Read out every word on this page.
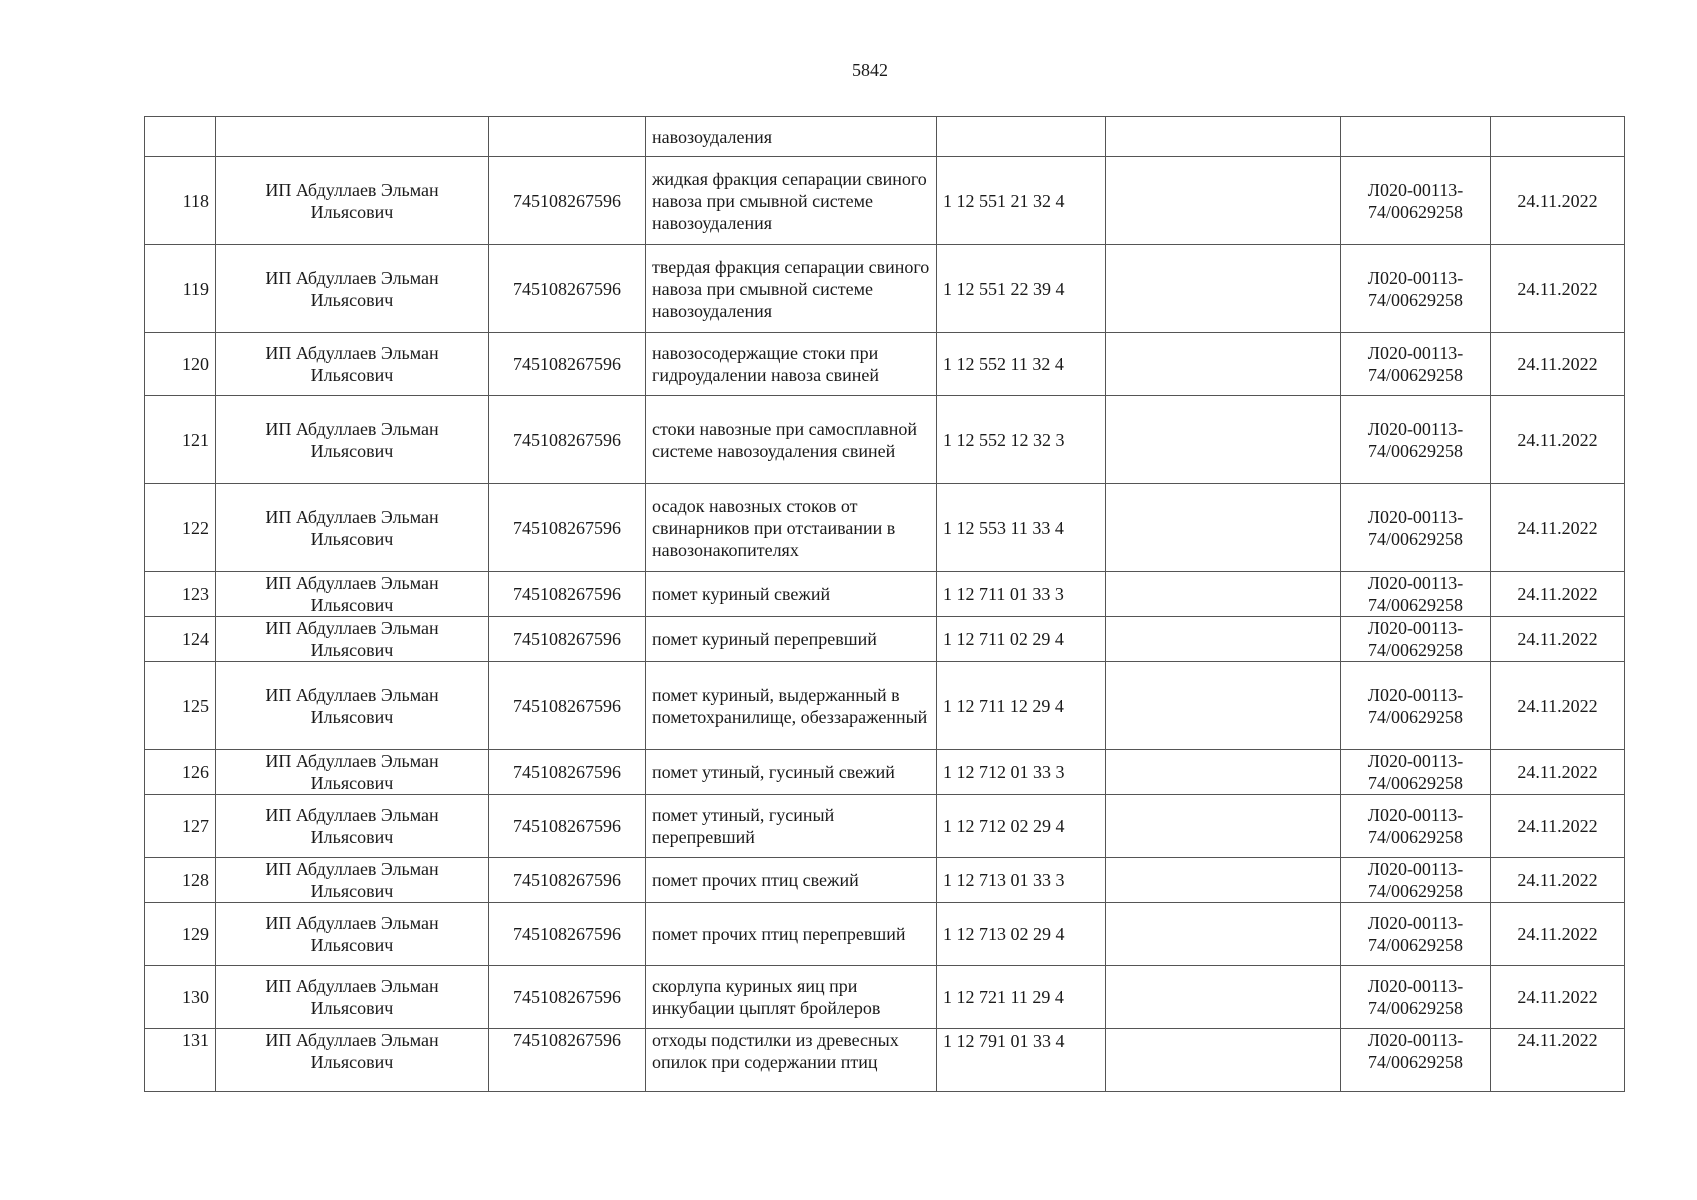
5842
			навозоудаления				
118	ИП Абдуллаев Эльман Ильясович	745108267596	жидкая фракция сепарации свиного навоза при смывной системе навозоудаления	1 12 551 21 32 4		Л020-00113-74/00629258	24.11.2022
119	ИП Абдуллаев Эльман Ильясович	745108267596	твердая фракция сепарации свиного навоза при смывной системе навозоудаления	1 12 551 22 39 4		Л020-00113-74/00629258	24.11.2022
120	ИП Абдуллаев Эльман Ильясович	745108267596	навозосодержащие стоки при гидроудалении навоза свиней	1 12 552 11 32 4		Л020-00113-74/00629258	24.11.2022
121	ИП Абдуллаев Эльман Ильясович	745108267596	стоки навозные при самосплавной системе навозоудаления свиней	1 12 552 12 32 3		Л020-00113-74/00629258	24.11.2022
122	ИП Абдуллаев Эльман Ильясович	745108267596	осадок навозных стоков от свинарников при отстаивании в навозонакопителях	1 12 553 11 33 4		Л020-00113-74/00629258	24.11.2022
123	ИП Абдуллаев Эльман Ильясович	745108267596	помет куриный свежий	1 12 711 01 33 3		Л020-00113-74/00629258	24.11.2022
124	ИП Абдуллаев Эльман Ильясович	745108267596	помет куриный перепревший	1 12 711 02 29 4		Л020-00113-74/00629258	24.11.2022
125	ИП Абдуллаев Эльман Ильясович	745108267596	помет куриный, выдержанный в пометохранилище, обеззараженный	1 12 711 12 29 4		Л020-00113-74/00629258	24.11.2022
126	ИП Абдуллаев Эльман Ильясович	745108267596	помет утиный, гусиный свежий	1 12 712 01 33 3		Л020-00113-74/00629258	24.11.2022
127	ИП Абдуллаев Эльман Ильясович	745108267596	помет утиный, гусиный перепревший	1 12 712 02 29 4		Л020-00113-74/00629258	24.11.2022
128	ИП Абдуллаев Эльман Ильясович	745108267596	помет прочих птиц свежий	1 12 713 01 33 3		Л020-00113-74/00629258	24.11.2022
129	ИП Абдуллаев Эльман Ильясович	745108267596	помет прочих птиц перепревший	1 12 713 02 29 4		Л020-00113-74/00629258	24.11.2022
130	ИП Абдуллаев Эльман Ильясович	745108267596	скорлупа куриных яиц при инкубации цыплят бройлеров	1 12 721 11 29 4		Л020-00113-74/00629258	24.11.2022
131	ИП Абдуллаев Эльман Ильясович	745108267596	отходы подстилки из древесных опилок при содержании птиц	1 12 791 01 33 4		Л020-00113-74/00629258	24.11.2022
